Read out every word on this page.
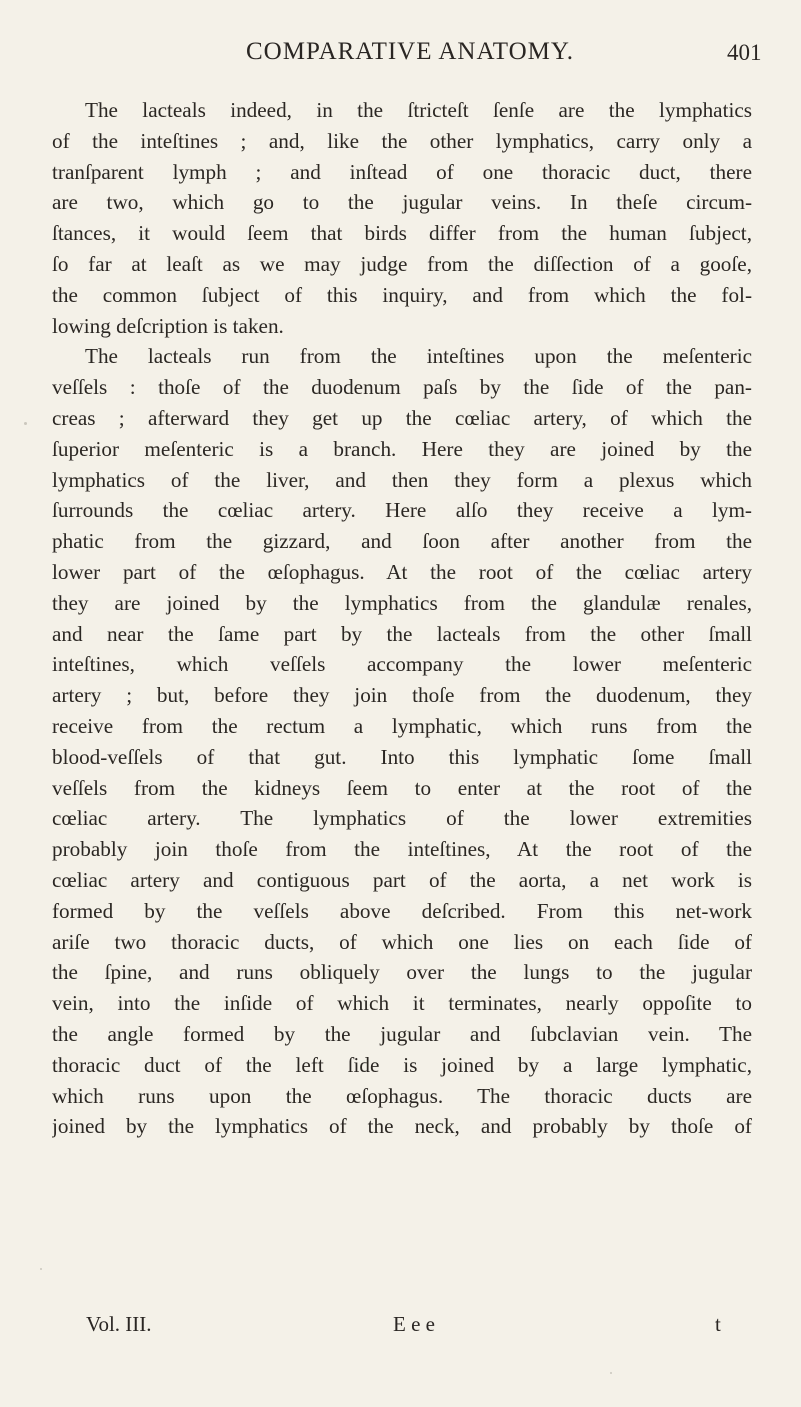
COMPARATIVE ANATOMY.	401
The lacteals indeed, in the ſtricteſt ſenſe are the lymphatics
of the inteſtines ; and, like the other lymphatics, carry only a
tranſparent lymph ; and inſtead of one thoracic duct, there
are two, which go to the jugular veins. In theſe circum-
ſtances, it would ſeem that birds differ from the human ſubject,
ſo far at leaſt as we may judge from the diſſection of a gooſe,
the common ſubject of this inquiry, and from which the fol-
lowing deſcription is taken.
The lacteals run from the inteſtines upon the meſenteric
veſſels : thoſe of the duodenum paſs by the ſide of the pan-
creas ; afterward they get up the cœliac artery, of which the
ſuperior meſenteric is a branch. Here they are joined by the
lymphatics of the liver, and then they form a plexus which
ſurrounds the cœliac artery. Here alſo they receive a lym-
phatic from the gizzard, and ſoon after another from the
lower part of the œſophagus. At the root of the cœliac artery
they are joined by the lymphatics from the glandulæ renales,
and near the ſame part by the lacteals from the other ſmall
inteſtines, which veſſels accompany the lower meſenteric
artery ; but, before they join thoſe from the duodenum, they
receive from the rectum a lymphatic, which runs from the
blood-veſſels of that gut. Into this lymphatic ſome ſmall
veſſels from the kidneys ſeem to enter at the root of the
cœliac artery. The lymphatics of the lower extremities
probably join thoſe from the inteſtines, At the root of the
cœliac artery and contiguous part of the aorta, a net work is
formed by the veſſels above deſcribed. From this net-work
ariſe two thoracic ducts, of which one lies on each ſide of
the ſpine, and runs obliquely over the lungs to the jugular
vein, into the inſide of which it terminates, nearly oppoſite to
the angle formed by the jugular and ſubclavian vein. The
thoracic duct of the left ſide is joined by a large lymphatic,
which runs upon the œſophagus. The thoracic ducts are
joined by the lymphatics of the neck, and probably by thoſe of
Vol. III.	E e e	t
